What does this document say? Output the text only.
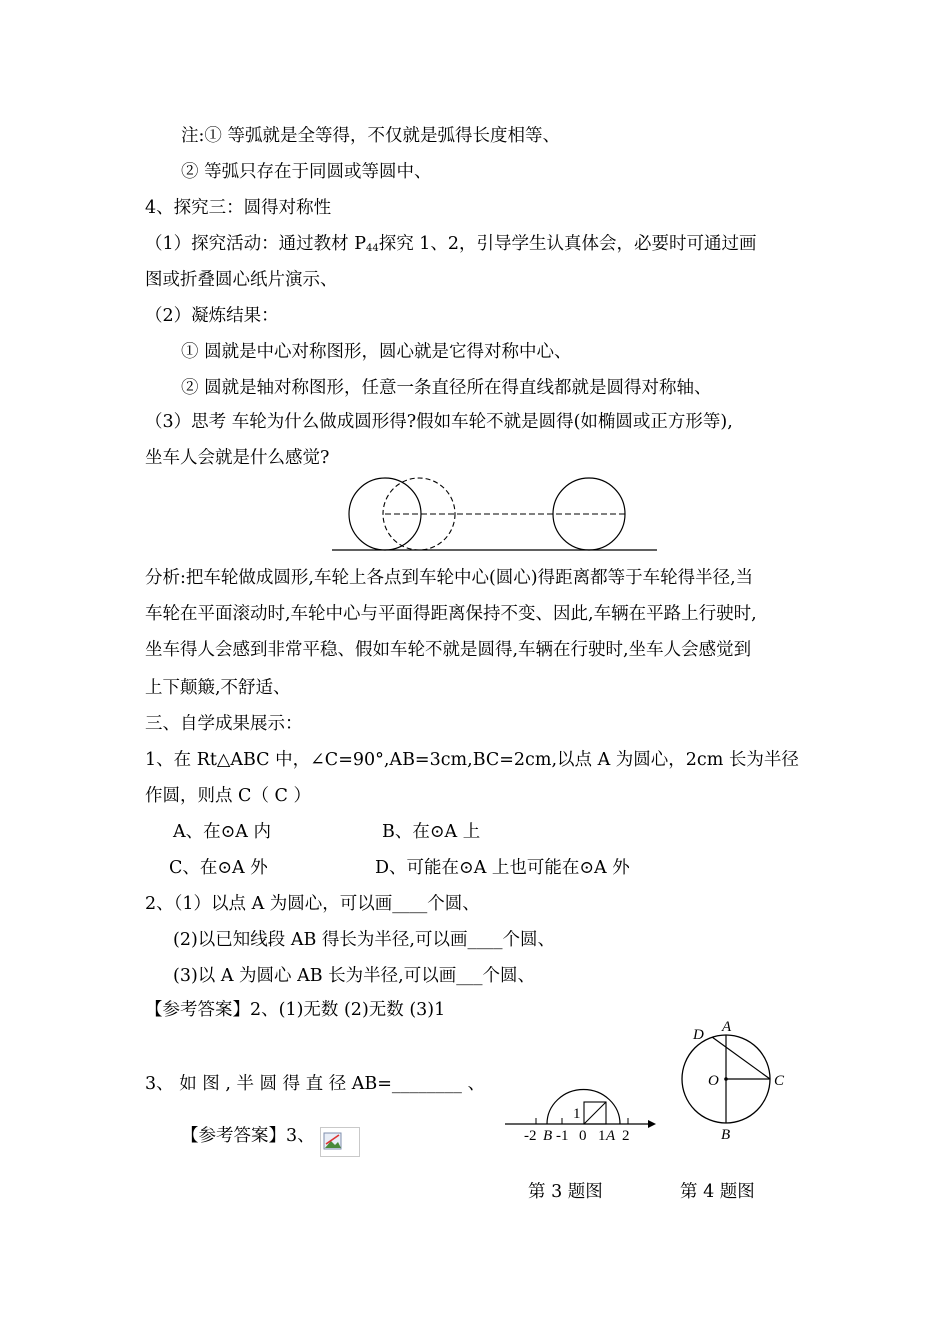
注:① 等弧就是全等得，不仅就是弧得长度相等、
② 等弧只存在于同圆或等圆中、
4、探究三：圆得对称性
（1）探究活动：通过教材 $P_{44}$探究 1、2，引导学生认真体会，必要时可通过画
图或折叠圆心纸片演示、
（2）凝炼结果：
① 圆就是中心对称图形，圆心就是它得对称中心、
② 圆就是轴对称图形，任意一条直径所在得直线都就是圆得对称轴、
（3）思考 车轮为什么做成圆形得?假如车轮不就是圆得(如椭圆或正方形等),
坐车人会就是什么感觉?
分析:把车轮做成圆形,车轮上各点到车轮中心(圆心)得距离都等于车轮得半径,当
车轮在平面滚动时,车轮中心与平面得距离保持不变、因此,车辆在平路上行驶时,
坐车得人会感到非常平稳、假如车轮不就是圆得,车辆在行驶时,坐车人会感觉到
上下颠簸,不舒适、
三、自学成果展示：
1、在 Rt△ABC 中，∠C=90°,AB=3cm,BC=2cm,以点 A 为圆心，2cm 长为半径
作圆，则点 C（ C ）
A、在⊙A 内	B、在⊙A 上
C、在⊙A 外	D、可能在⊙A 上也可能在⊙A 外
2、（1）以点 A 为圆心，可以画____个圆、
(2)以已知线段 AB 得长为半径,可以画____个圆、
(3)以 A 为圆心 AB 长为半径,可以画___个圆、
【参考答案】2、(1)无数 (2)无数 (3)1
3、 如 图 , 半 圆 得 直 径 AB=________ 、
【参考答案】3、
1
-2 B -1 0 1 A 2
D A
O	C
B
第 3 题图	第 4 题图
